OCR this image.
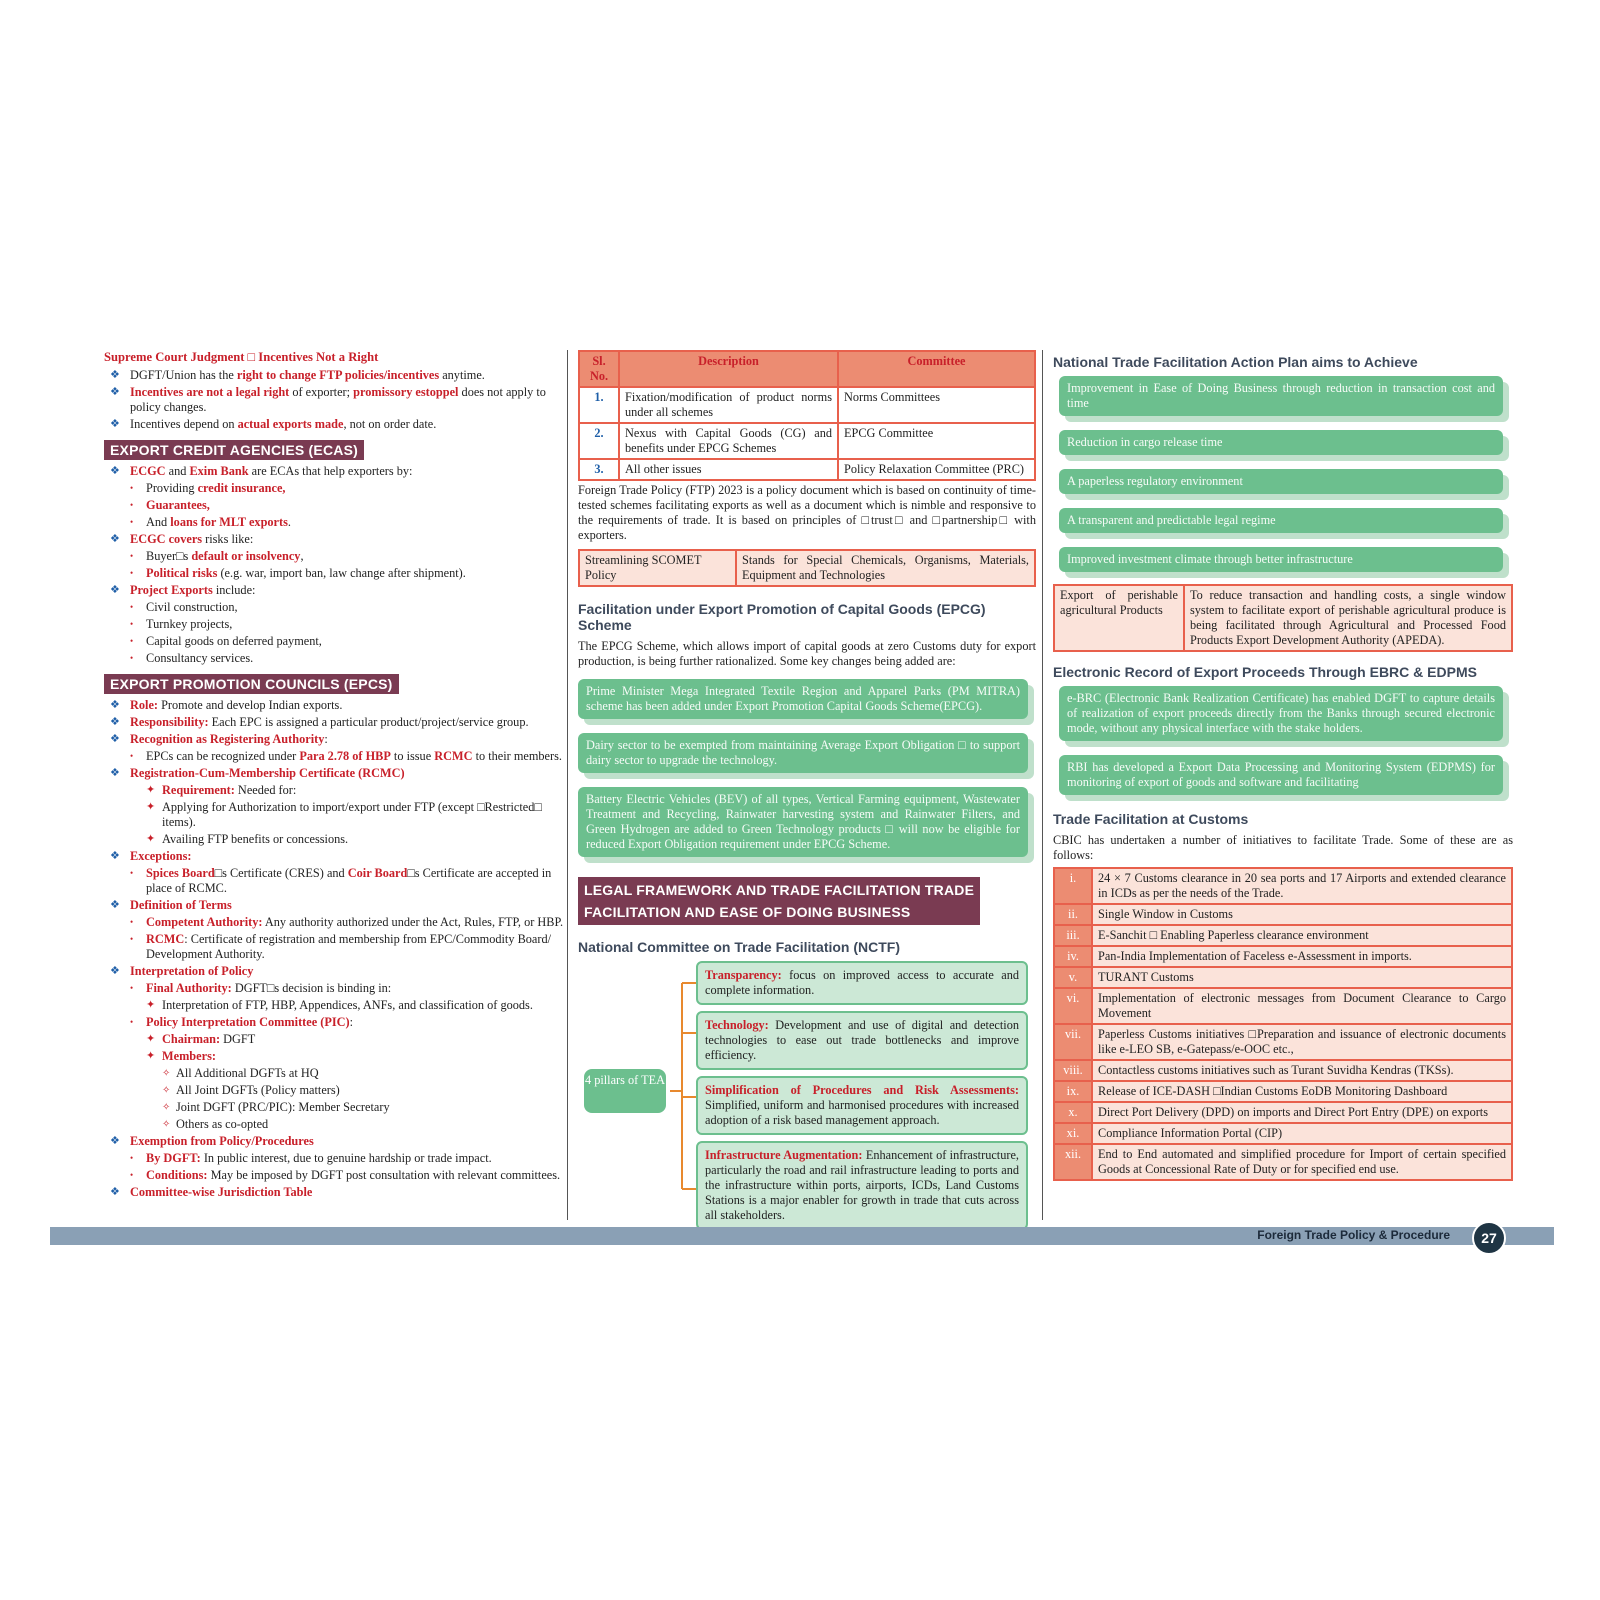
Supreme Court Judgment □ Incentives Not a Right
❖ DGFT/Union has the right to change FTP policies/incentives anytime.
❖ Incentives are not a legal right of exporter; promissory estoppel does not apply to policy changes.
❖ Incentives depend on actual exports made, not on order date.
EXPORT CREDIT AGENCIES (ECAS)
❖ ECGC and Exim Bank are ECAs that help exporters by:
• Providing credit insurance,
• Guarantees,
• And loans for MLT exports.
❖ ECGC covers risks like:
• Buyer□s default or insolvency,
• Political risks (e.g. war, import ban, law change after shipment).
❖ Project Exports include:
• Civil construction,
• Turnkey projects,
• Capital goods on deferred payment,
• Consultancy services.
EXPORT PROMOTION COUNCILS (EPCS)
❖ Role: Promote and develop Indian exports.
❖ Responsibility: Each EPC is assigned a particular product/project/service group.
❖ Recognition as Registering Authority:
• EPCs can be recognized under Para 2.78 of HBP to issue RCMC to their members.
❖ Registration-Cum-Membership Certificate (RCMC)
✦ Requirement: Needed for:
✦ Applying for Authorization to import/export under FTP (except □Restricted□ items).
✦ Availing FTP benefits or concessions.
❖ Exceptions:
• Spices Board□s Certificate (CRES) and Coir Board□s Certificate are accepted in place of RCMC.
❖ Definition of Terms
• Competent Authority: Any authority authorized under the Act, Rules, FTP, or HBP.
• RCMC: Certificate of registration and membership from EPC/Commodity Board/ Development Authority.
❖ Interpretation of Policy
• Final Authority: DGFT□s decision is binding in:
✦ Interpretation of FTP, HBP, Appendices, ANFs, and classification of goods.
• Policy Interpretation Committee (PIC):
✦ Chairman: DGFT
✦ Members:
✧ All Additional DGFTs at HQ
✧ All Joint DGFTs (Policy matters)
✧ Joint DGFT (PRC/PIC): Member Secretary
✧ Others as co-opted
❖ Exemption from Policy/Procedures
• By DGFT: In public interest, due to genuine hardship or trade impact.
• Conditions: May be imposed by DGFT post consultation with relevant committees.
❖ Committee-wise Jurisdiction Table
Sl. No.	Description	Committee
1.	Fixation/modification of product norms under all schemes	Norms Committees
2.	Nexus with Capital Goods (CG) and benefits under EPCG Schemes	EPCG Committee
3.	All other issues	Policy Relaxation Committee (PRC)
Foreign Trade Policy (FTP) 2023 is a policy document which is based on continuity of time-tested schemes facilitating exports as well as a document which is nimble and responsive to the requirements of trade. It is based on principles of □trust□ and □partnership□ with exporters.
Streamlining SCOMET Policy	Stands for Special Chemicals, Organisms, Materials, Equipment and Technologies
Facilitation under Export Promotion of Capital Goods (EPCG) Scheme
The EPCG Scheme, which allows import of capital goods at zero Customs duty for export production, is being further rationalized. Some key changes being added are:
Prime Minister Mega Integrated Textile Region and Apparel Parks (PM MITRA) scheme has been added under Export Promotion Capital Goods Scheme(EPCG).
Dairy sector to be exempted from maintaining Average Export Obligation □ to support dairy sector to upgrade the technology.
Battery Electric Vehicles (BEV) of all types, Vertical Farming equipment, Wastewater Treatment and Recycling, Rainwater harvesting system and Rainwater Filters, and Green Hydrogen are added to Green Technology products □ will now be eligible for reduced Export Obligation requirement under EPCG Scheme.
LEGAL FRAMEWORK AND TRADE FACILITATION TRADE
FACILITATION AND EASE OF DOING BUSINESS
National Committee on Trade Facilitation (NCTF)
4 pillars of TEA
Transparency: focus on improved access to accurate and complete information.
Technology: Development and use of digital and detection technologies to ease out trade bottlenecks and improve efficiency.
Simplification of Procedures and Risk Assessments: Simplified, uniform and harmonised procedures with increased adoption of a risk based management approach.
Infrastructure Augmentation: Enhancement of infrastructure, particularly the road and rail infrastructure leading to ports and the infrastructure within ports, airports, ICDs, Land Customs Stations is a major enabler for growth in trade that cuts across all stakeholders.
National Trade Facilitation Action Plan aims to Achieve
Improvement in Ease of Doing Business through reduction in transaction cost and time
Reduction in cargo release time
A paperless regulatory environment
A transparent and predictable legal regime
Improved investment climate through better infrastructure
Export of perishable agricultural Products	To reduce transaction and handling costs, a single window system to facilitate export of perishable agricultural produce is being facilitated through Agricultural and Processed Food Products Export Development Authority (APEDA).
Electronic Record of Export Proceeds Through EBRC & EDPMS
e-BRC (Electronic Bank Realization Certificate) has enabled DGFT to capture details of realization of export proceeds directly from the Banks through secured electronic mode, without any physical interface with the stake holders.
RBI has developed a Export Data Processing and Monitoring System (EDPMS) for monitoring of export of goods and software and facilitating
Trade Facilitation at Customs
CBIC has undertaken a number of initiatives to facilitate Trade. Some of these are as follows:
i.	24 × 7 Customs clearance in 20 sea ports and 17 Airports and extended clearance in ICDs as per the needs of the Trade.
ii.	Single Window in Customs
iii.	E-Sanchit □ Enabling Paperless clearance environment
iv.	Pan-India Implementation of Faceless e-Assessment in imports.
v.	TURANT Customs
vi.	Implementation of electronic messages from Document Clearance to Cargo Movement
vii.	Paperless Customs initiatives □Preparation and issuance of electronic documents like e-LEO SB, e-Gatepass/e-OOC etc.,
viii.	Contactless customs initiatives such as Turant Suvidha Kendras (TKSs).
ix.	Release of ICE-DASH □Indian Customs EoDB Monitoring Dashboard
x.	Direct Port Delivery (DPD) on imports and Direct Port Entry (DPE) on exports
xi.	Compliance Information Portal (CIP)
xii.	End to End automated and simplified procedure for Import of certain specified Goods at Concessional Rate of Duty or for specified end use.
Foreign Trade Policy & Procedure	27
